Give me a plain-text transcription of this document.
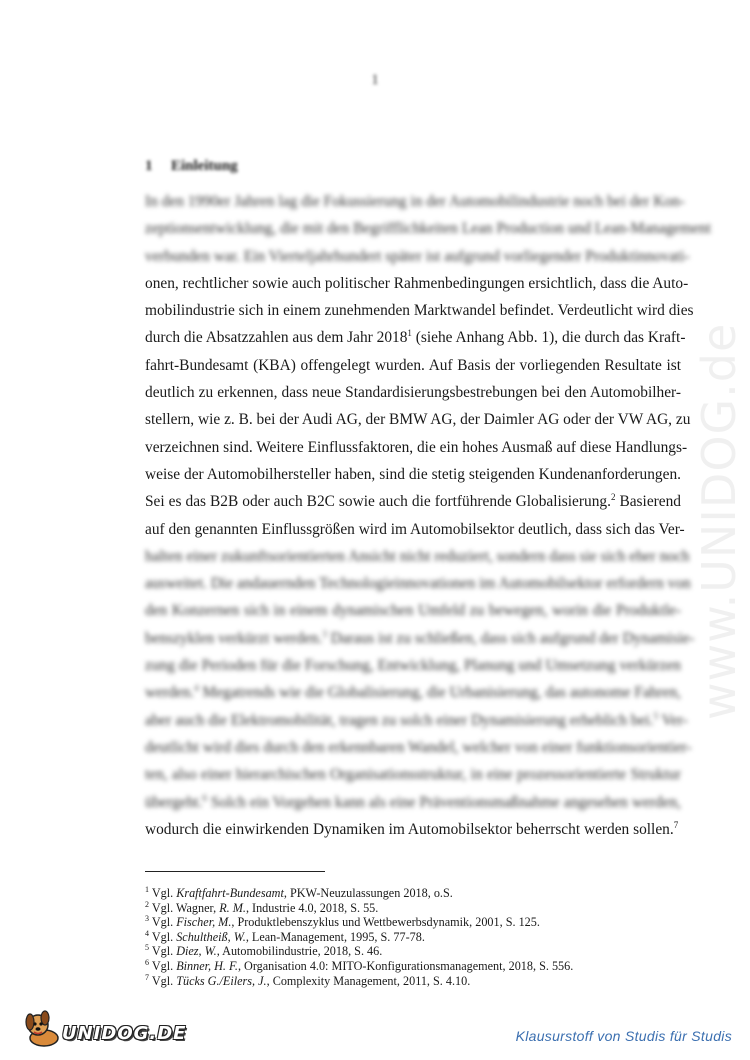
1
1 Einleitung
In den 1990er Jahren lag die Fokussierung in der Automobilindustrie noch bei der Kon-
zeptionsentwicklung, die mit den Begrifflichkeiten Lean Production und Lean-Management
verbunden war. Ein Vierteljahrhundert später ist aufgrund vorliegender Produktinnovati-
onen, rechtlicher sowie auch politischer Rahmenbedingungen ersichtlich, dass die Auto-
mobilindustrie sich in einem zunehmenden Marktwandel befindet. Verdeutlicht wird dies
durch die Absatzzahlen aus dem Jahr 2018$^1$ (siehe Anhang Abb. 1), die durch das Kraft-
fahrt-Bundesamt (KBA) offengelegt wurden. Auf Basis der vorliegenden Resultate ist
deutlich zu erkennen, dass neue Standardisierungsbestrebungen bei den Automobilher-
stellern, wie z. B. bei der Audi AG, der BMW AG, der Daimler AG oder der VW AG, zu
verzeichnen sind. Weitere Einflussfaktoren, die ein hohes Ausmaß auf diese Handlungs-
weise der Automobilhersteller haben, sind die stetig steigenden Kundenanforderungen.
Sei es das B2B oder auch B2C sowie auch die fortführende Globalisierung.$^2$ Basierend
auf den genannten Einflussgrößen wird im Automobilsektor deutlich, dass sich das Ver-
halten einer zukunftsorientierten Ansicht nicht reduziert, sondern dass sie sich eher noch
ausweitet. Die andauernden Technologieinnovationen im Automobilsektor erfordern von
den Konzernen sich in einem dynamischen Umfeld zu bewegen, worin die Produktle-
benszyklen verkürzt werden.$^3$ Daraus ist zu schließen, dass sich aufgrund der Dynamisie-
zung die Perioden für die Forschung, Entwicklung, Planung und Umsetzung verkürzen
werden.$^4$ Megatrends wie die Globalisierung, die Urbanisierung, das autonome Fahren,
aber auch die Elektromobilität, tragen zu solch einer Dynamisierung erheblich bei.$^5$ Ver-
deutlicht wird dies durch den erkennbaren Wandel, welcher von einer funktionsorientier-
ten, also einer hierarchischen Organisationsstruktur, in eine prozessorientierte Struktur
übergeht.$^6$ Solch ein Vorgehen kann als eine Präventionsmaßnahme angesehen werden,
wodurch die einwirkenden Dynamiken im Automobilsektor beherrscht werden sollen.$^7$
$^1$ Vgl. Kraftfahrt-Bundesamt, PKW-Neuzulassungen 2018, o.S.
$^2$ Vgl. Wagner, R. M., Industrie 4.0, 2018, S. 55.
$^3$ Vgl. Fischer, M., Produktlebenszyklus und Wettbewerbsdynamik, 2001, S. 125.
$^4$ Vgl. Schultheiß, W., Lean-Management, 1995, S. 77-78.
$^5$ Vgl. Diez, W., Automobilindustrie, 2018, S. 46.
$^6$ Vgl. Binner, H. F., Organisation 4.0: MITO-Konfigurationsmanagement, 2018, S. 556.
$^7$ Vgl. Tücks G./Eilers, J., Complexity Management, 2011, S. 4.10.
www.UNIDOG.de
UNIDOG.DE	Klausurstoff von Studis für Studis
